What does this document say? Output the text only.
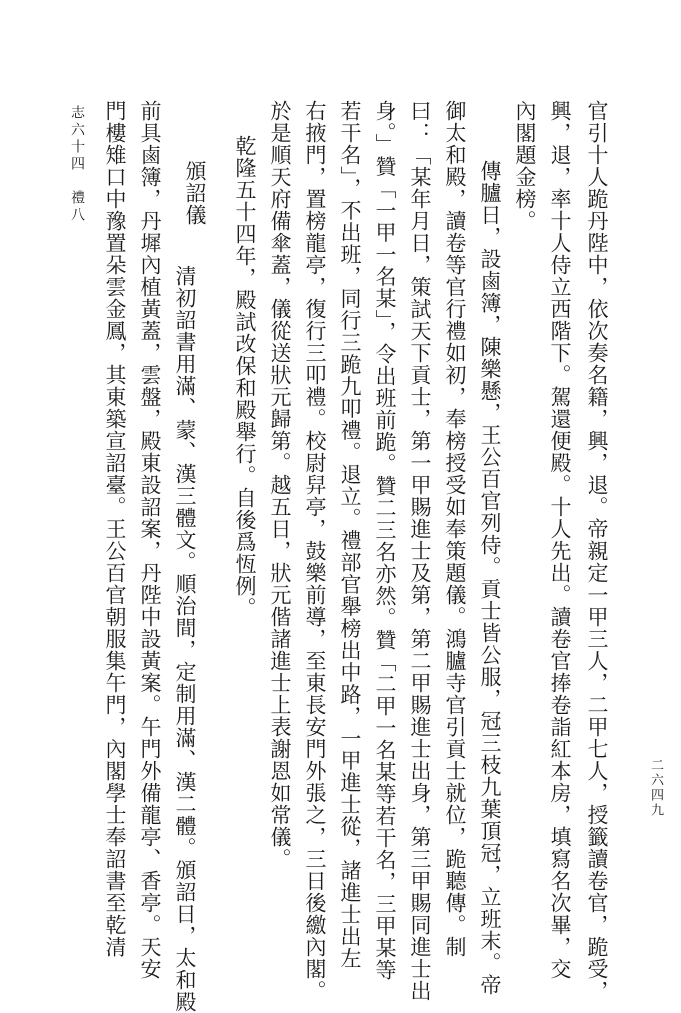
二六四九
官引十人跪丹陛中，依次奏名籍，興，退。帝親定一甲三人，二甲七人，授籤讀卷官，跪受，
興，退，率十人侍立西階下。駕還便殿。十人先出。讀卷官捧卷詣紅本房，填寫名次畢，交
內閣題金榜。
傳臚日，設鹵簿，陳樂懸，王公百官列侍。貢士皆公服，冠三枝九葉頂冠，立班末。帝
御太和殿，讀卷等官行禮如初，奉榜授受如奉策題儀。鴻臚寺官引貢士就位，跪聽傳。制
曰：「某年月日，策試天下貢士，第一甲賜進士及第，第二甲賜進士出身，第三甲賜同進士出
身。」贊「一甲一名某」，令出班前跪。贊二三名亦然。贊「二甲一名某等若干名，三甲某等
若干名」，不出班，同行三跪九叩禮。退立。禮部官舉榜出中路，一甲進士從，諸進士出左
右掖門，置榜龍亭，復行三叩禮。校尉舁亭，鼓樂前導，至東長安門外張之，三日後繳內閣。
於是順天府備傘蓋，儀從送狀元歸第。越五日，狀元偕諸進士上表謝恩如常儀。
乾隆五十四年，殿試改保和殿舉行。自後爲恆例。
頒詔儀
清初詔書用滿、蒙、漢三體文。順治間，定制用滿、漢二體。頒詔日，太和殿
前具鹵簿，丹墀內植黃蓋，雲盤，殿東設詔案，丹陛中設黃案。午門外備龍亭、香亭。天安
門樓雉口中豫置朵雲金鳳，其東築宣詔臺。王公百官朝服集午門，內閣學士奉詔書至乾清
志六十四　禮八
